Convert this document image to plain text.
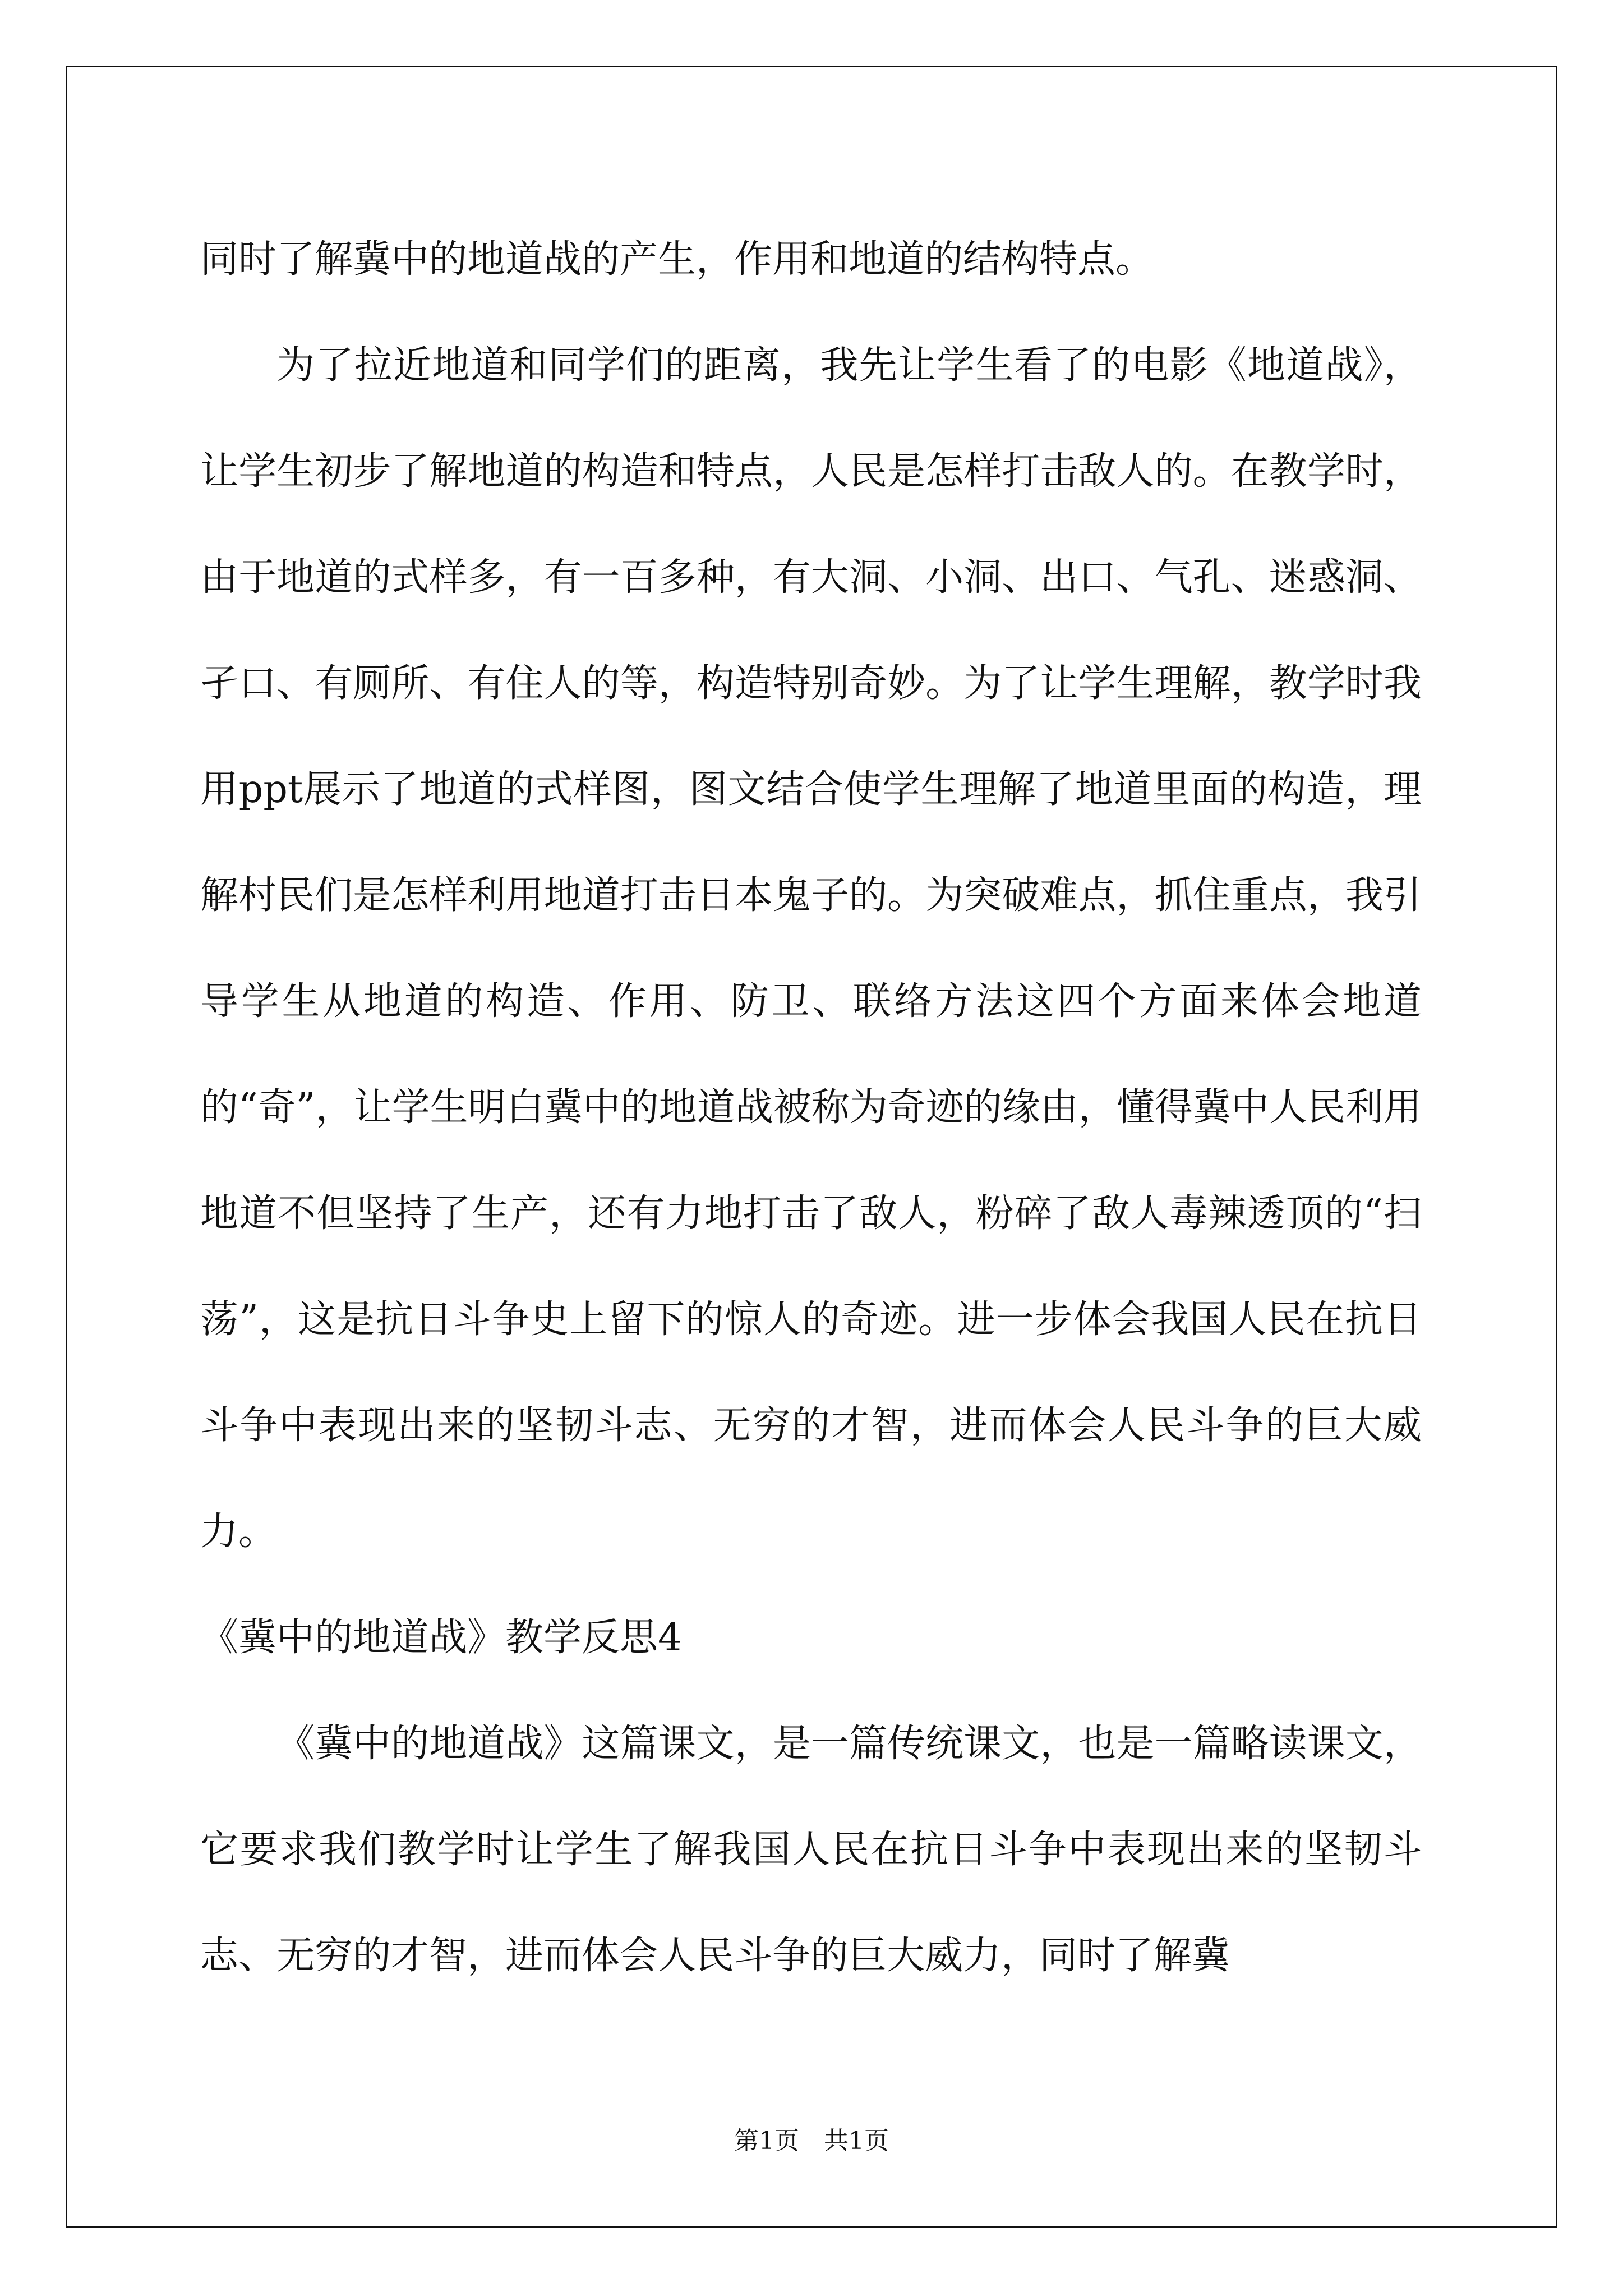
同时了解冀中的地道战的产生，作用和地道的结构特点。

为了拉近地道和同学们的距离，我先让学生看了的电影《地道战》，让学生初步了解地道的构造和特点，人民是怎样打击敌人的。在教学时，由于地道的式样多，有一百多种，有大洞、小洞、出口、气孔、迷惑洞、孑口、有厕所、有住人的等，构造特别奇妙。为了让学生理解，教学时我用ppt展示了地道的式样图，图文结合使学生理解了地道里面的构造，理解村民们是怎样利用地道打击日本鬼子的。为突破难点，抓住重点，我引导学生从地道的构造、作用、防卫、联络方法这四个方面来体会地道的“奇”，让学生明白冀中的地道战被称为奇迹的缘由，懂得冀中人民利用地道不但坚持了生产，还有力地打击了敌人，粉碎了敌人毒辣透顶的“扫荡”，这是抗日斗争史上留下的惊人的奇迹。进一步体会我国人民在抗日斗争中表现出来的坚韧斗志、无穷的才智，进而体会人民斗争的巨大威力。

《冀中的地道战》教学反思4

《冀中的地道战》这篇课文，是一篇传统课文，也是一篇略读课文，它要求我们教学时让学生了解我国人民在抗日斗争中表现出来的坚韧斗志、无穷的才智，进而体会人民斗争的巨大威力，同时了解冀

第1页　共1页
